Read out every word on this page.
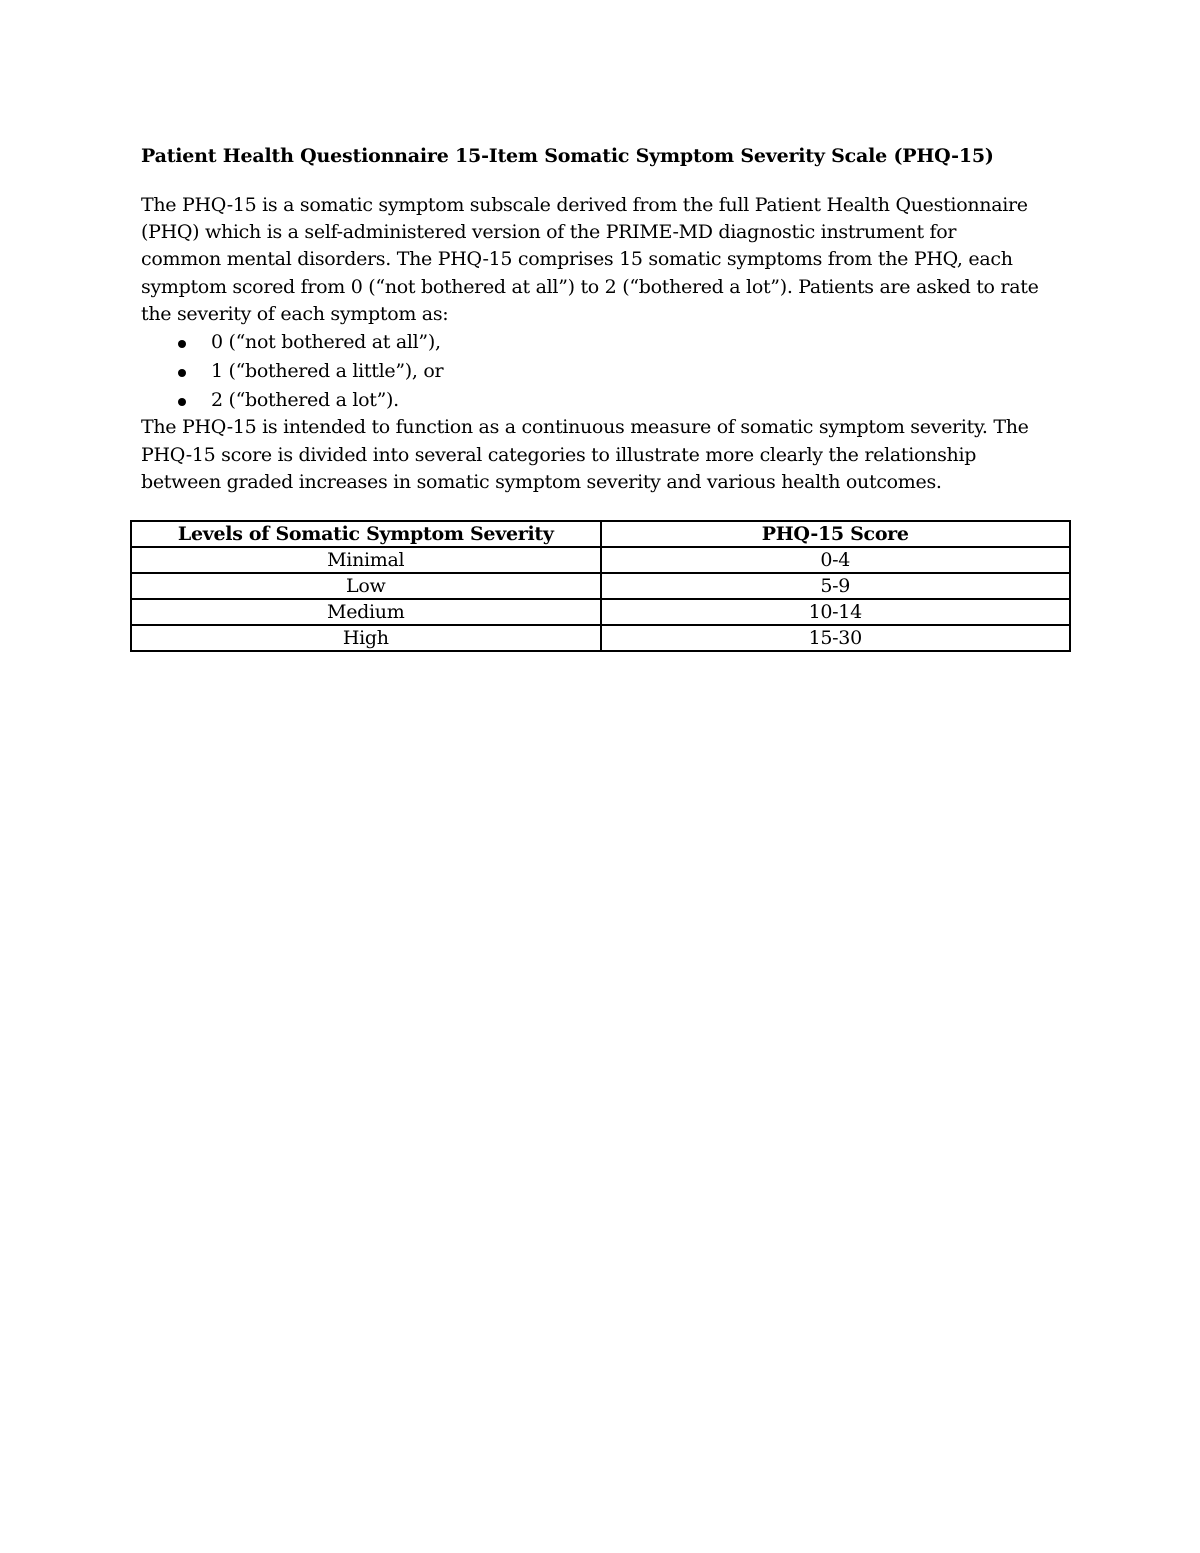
Patient Health Questionnaire 15-Item Somatic Symptom Severity Scale (PHQ-15)
The PHQ-15 is a somatic symptom subscale derived from the full Patient Health Questionnaire
(PHQ) which is a self-administered version of the PRIME-MD diagnostic instrument for
common mental disorders. The PHQ-15 comprises 15 somatic symptoms from the PHQ, each
symptom scored from 0 (“not bothered at all”) to 2 (“bothered a lot”). Patients are asked to rate
the severity of each symptom as:
0 (“not bothered at all”),
1 (“bothered a little”), or
2 (“bothered a lot”).
The PHQ-15 is intended to function as a continuous measure of somatic symptom severity. The
PHQ-15 score is divided into several categories to illustrate more clearly the relationship
between graded increases in somatic symptom severity and various health outcomes.
Levels of Somatic Symptom Severity	PHQ-15 Score
Minimal	0-4
Low	5-9
Medium	10-14
High	15-30
